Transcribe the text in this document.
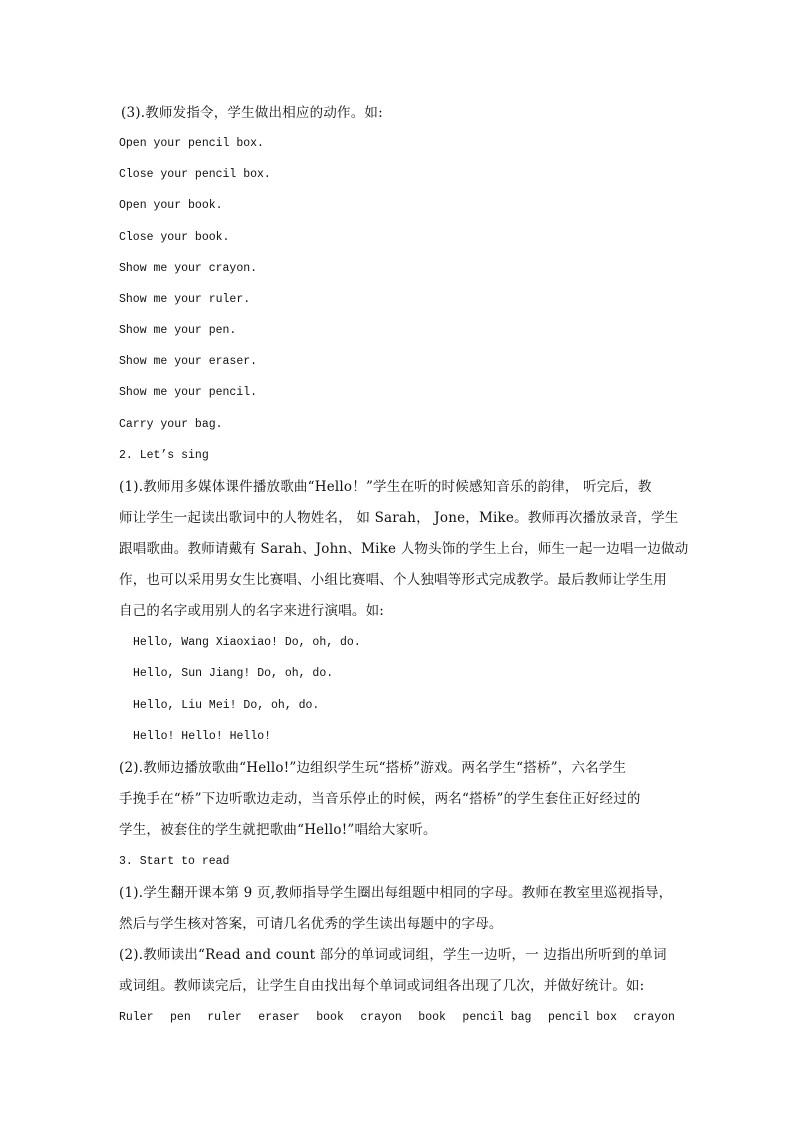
(3).教师发指令，学生做出相应的动作。如:
Open your pencil box.
Close your pencil box.
Open your book.
Close your book.
Show me your crayon.
Show me your ruler.
Show me your pen.
Show me your eraser.
Show me your pencil.
Carry your bag.
2. Let’s sing
(1).教师用多媒体课件播放歌曲“Hello！”学生在听的时候感知音乐的韵律， 听完后，教
师让学生一起读出歌词中的人物姓名， 如 Sarah， Jone，Mike。教师再次播放录音，学生
跟唱歌曲。教师请戴有 Sarah、John、Mike 人物头饰的学生上台，师生一起一边唱一边做动
作，也可以采用男女生比赛唱、小组比赛唱、个人独唱等形式完成教学。最后教师让学生用
自己的名字或用别人的名字来进行演唱。如:
Hello, Wang Xiaoxiao! Do, oh, do.
Hello, Sun Jiang! Do, oh, do.
Hello, Liu Mei! Do, oh, do.
Hello! Hello! Hello!
(2).教师边播放歌曲“Hello!”边组织学生玩“搭桥”游戏。两名学生“搭桥”，六名学生
手挽手在“桥”下边听歌边走动，当音乐停止的时候，两名“搭桥”的学生套住正好经过的
学生，被套住的学生就把歌曲“Hello!”唱给大家听。
3. Start to read
(1).学生翻开课本第 9 页,教师指导学生圈出每组题中相同的字母。教师在教室里巡视指导，
然后与学生核对答案，可请几名优秀的学生读出每题中的字母。
(2).教师读出“Read and count 部分的单词或词组，学生一边听，一 边指出所听到的单词
或词组。教师读完后，让学生自由找出每个单词或词组各出现了几次，并做好统计。如:
Ruler pen ruler eraser book crayon book pencil bag pencil box crayon
